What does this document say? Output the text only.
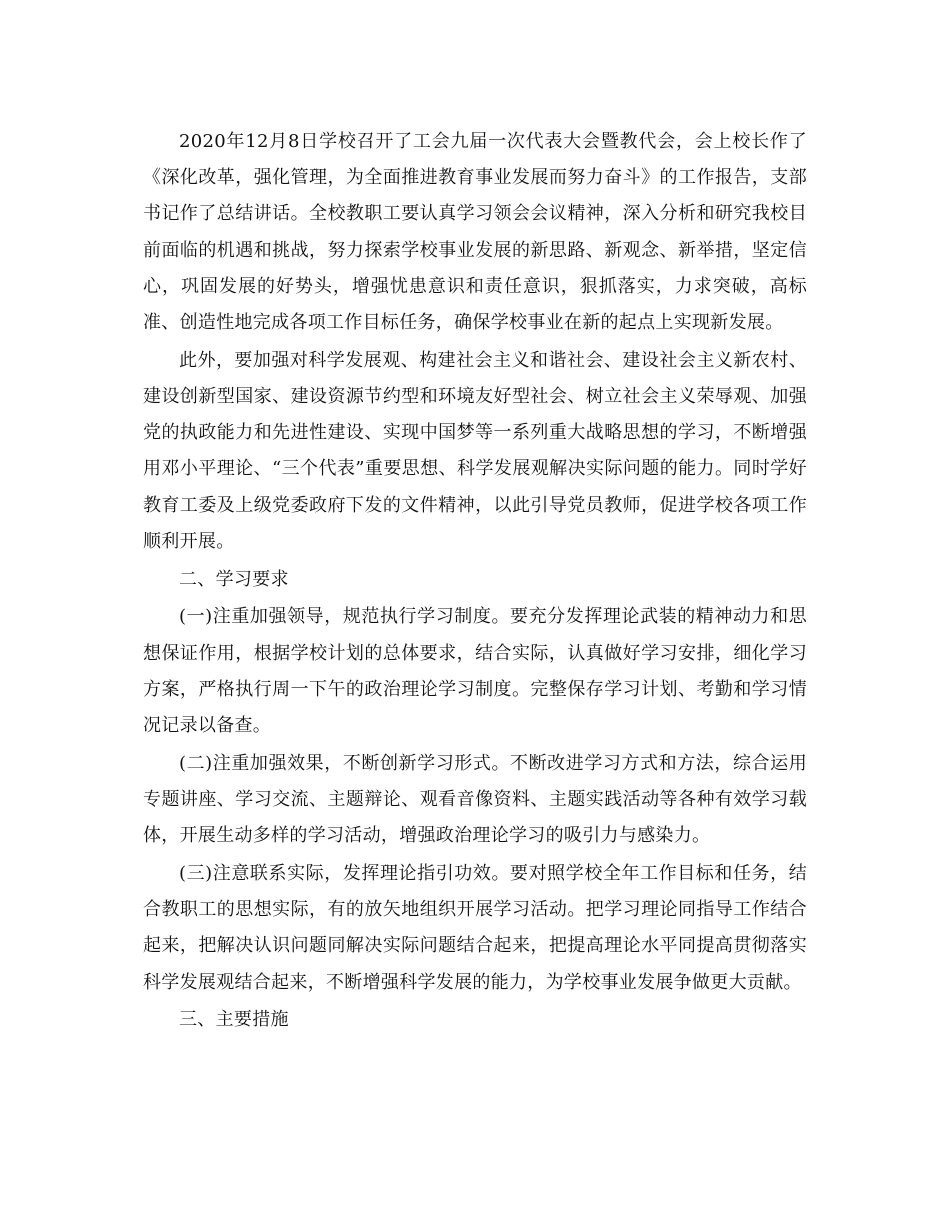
2020年12月8日学校召开了工会九届一次代表大会暨教代会，会上校长作了《深化改革，强化管理，为全面推进教育事业发展而努力奋斗》的工作报告，支部书记作了总结讲话。全校教职工要认真学习领会会议精神，深入分析和研究我校目前面临的机遇和挑战，努力探索学校事业发展的新思路、新观念、新举措，坚定信心，巩固发展的好势头，增强忧患意识和责任意识，狠抓落实，力求突破，高标准、创造性地完成各项工作目标任务，确保学校事业在新的起点上实现新发展。

此外，要加强对科学发展观、构建社会主义和谐社会、建设社会主义新农村、建设创新型国家、建设资源节约型和环境友好型社会、树立社会主义荣辱观、加强党的执政能力和先进性建设、实现中国梦等一系列重大战略思想的学习，不断增强用邓小平理论、“三个代表”重要思想、科学发展观解决实际问题的能力。同时学好教育工委及上级党委政府下发的文件精神，以此引导党员教师，促进学校各项工作顺利开展。

二、学习要求

(一)注重加强领导，规范执行学习制度。要充分发挥理论武装的精神动力和思想保证作用，根据学校计划的总体要求，结合实际，认真做好学习安排，细化学习方案，严格执行周一下午的政治理论学习制度。完整保存学习计划、考勤和学习情况记录以备查。

(二)注重加强效果，不断创新学习形式。不断改进学习方式和方法，综合运用专题讲座、学习交流、主题辩论、观看音像资料、主题实践活动等各种有效学习载体，开展生动多样的学习活动，增强政治理论学习的吸引力与感染力。

(三)注意联系实际，发挥理论指引功效。要对照学校全年工作目标和任务，结合教职工的思想实际，有的放矢地组织开展学习活动。把学习理论同指导工作结合起来，把解决认识问题同解决实际问题结合起来，把提高理论水平同提高贯彻落实科学发展观结合起来，不断增强科学发展的能力，为学校事业发展争做更大贡献。

三、主要措施
